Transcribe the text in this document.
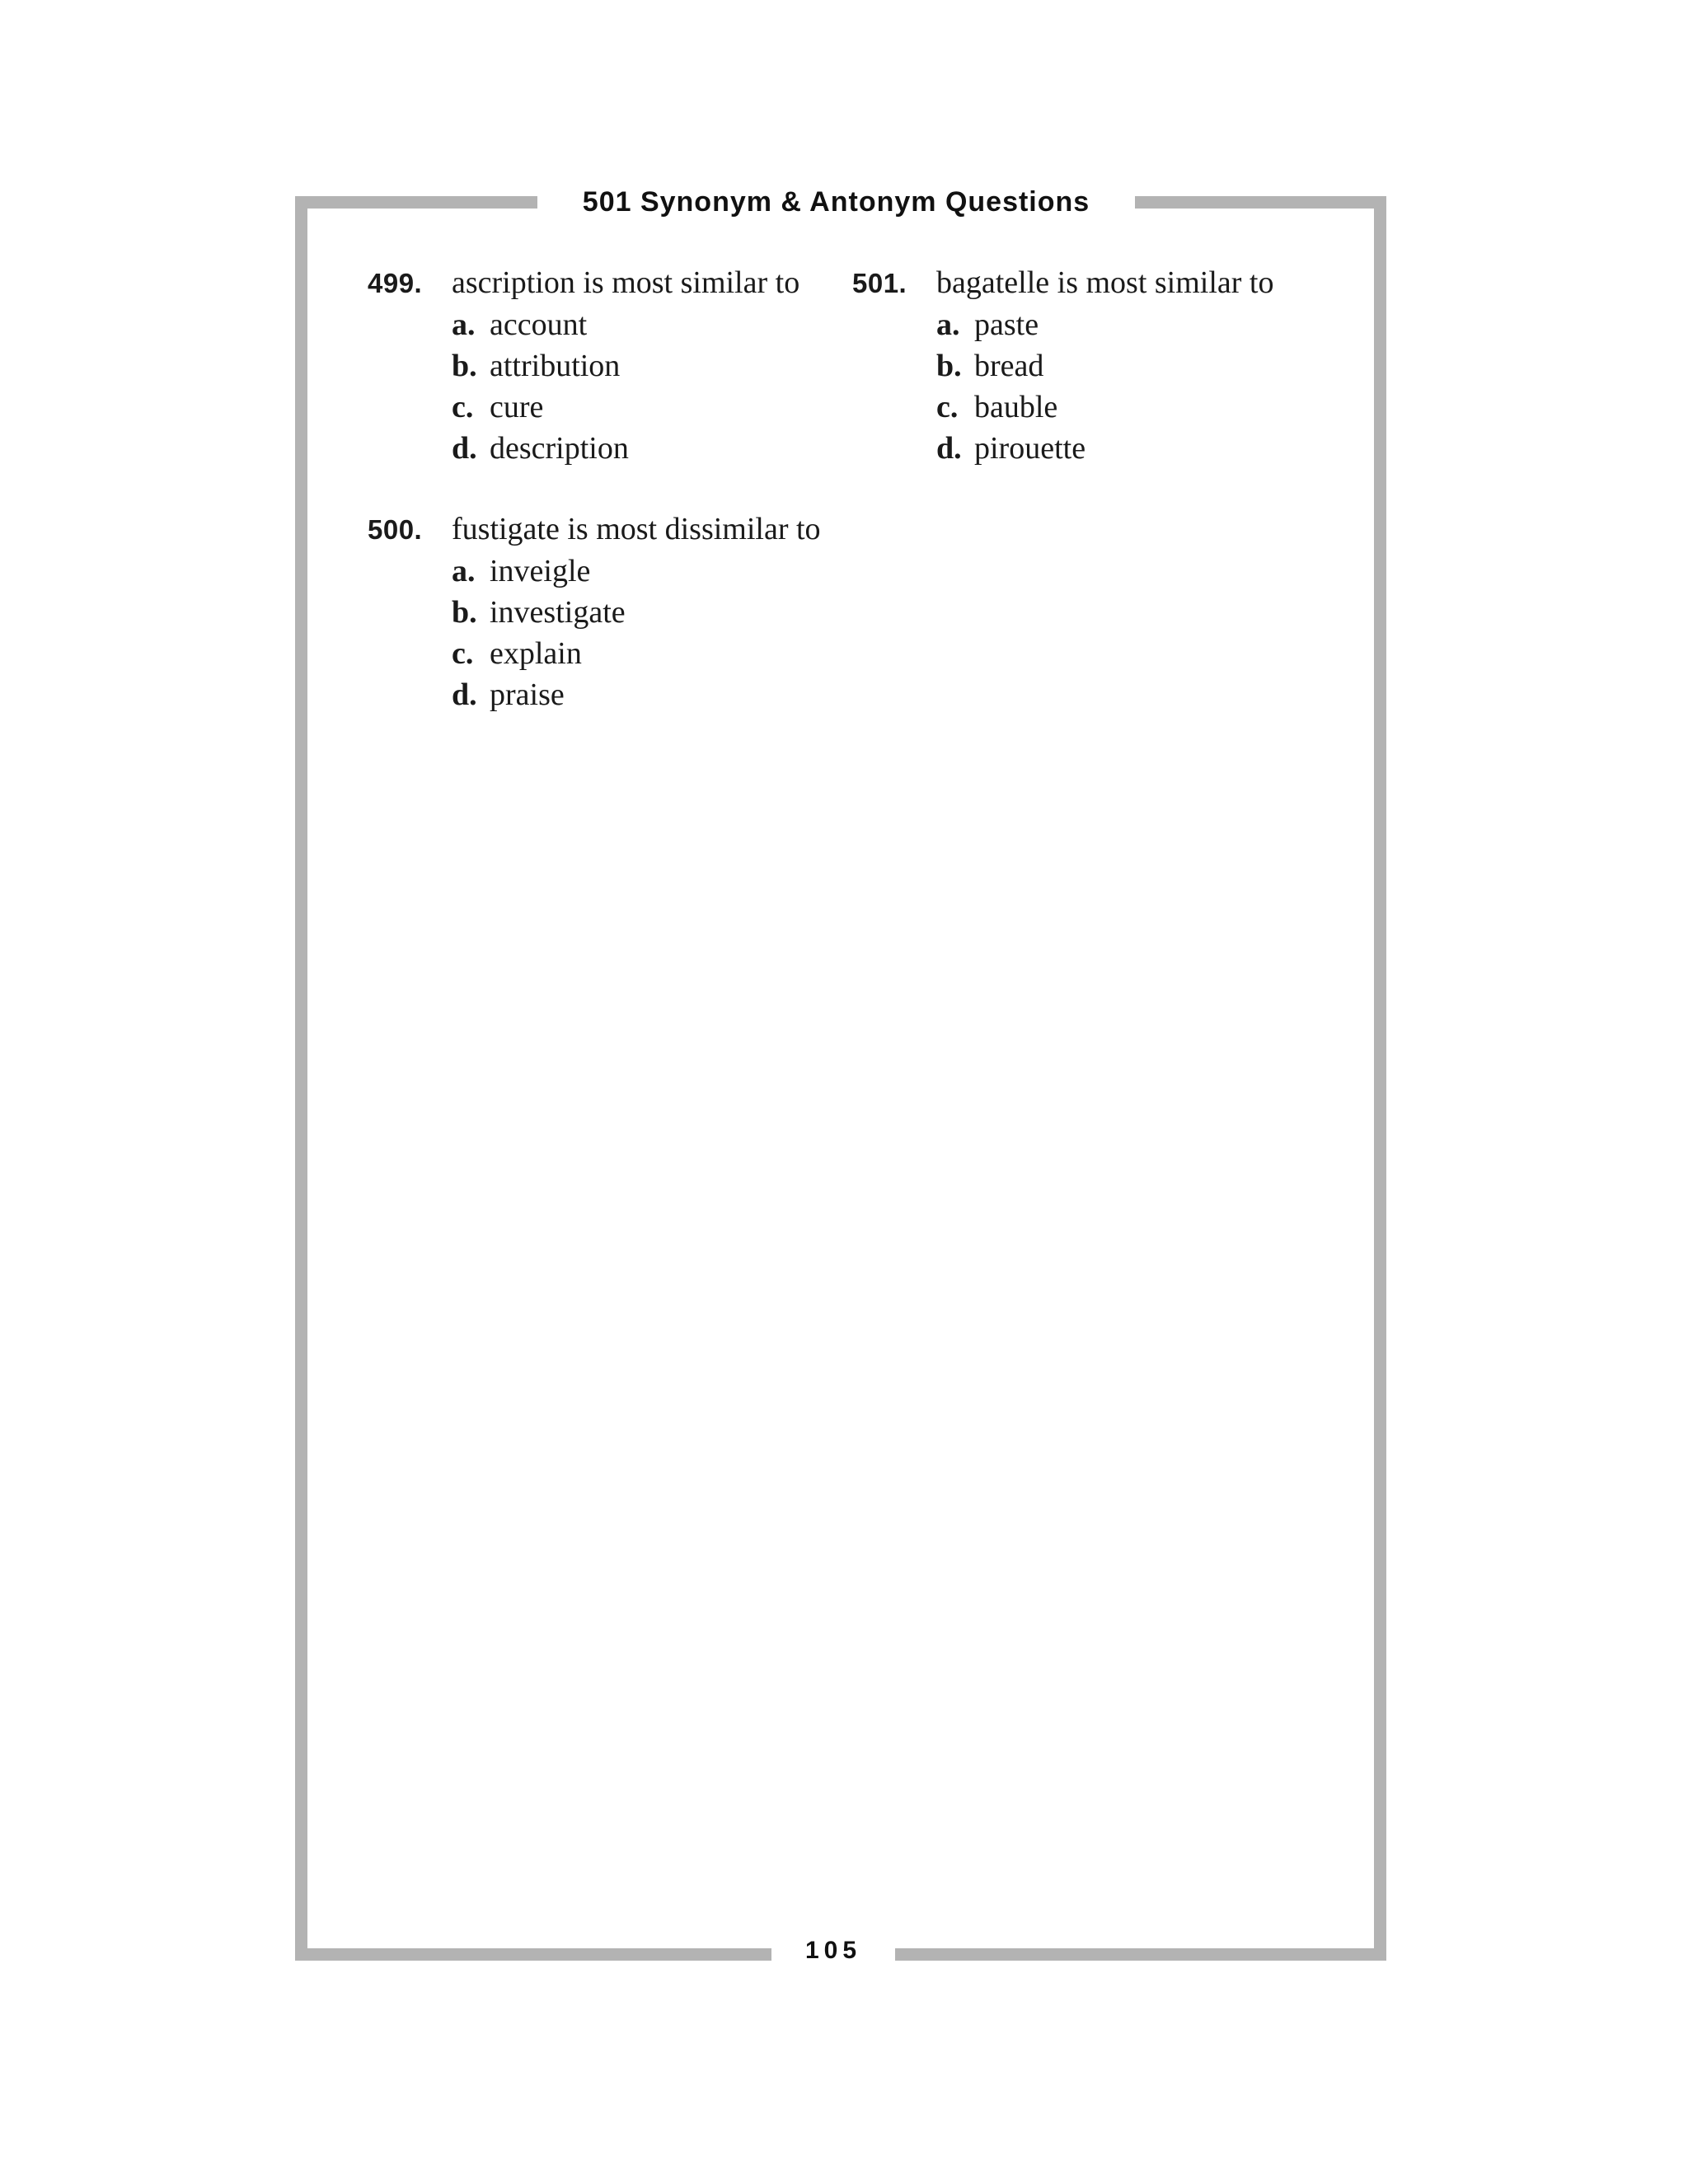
501 Synonym & Antonym Questions
499. ascription is most similar to
a. account
b. attribution
c. cure
d. description
500. fustigate is most dissimilar to
a. inveigle
b. investigate
c. explain
d. praise
501. bagatelle is most similar to
a. paste
b. bread
c. bauble
d. pirouette
105
